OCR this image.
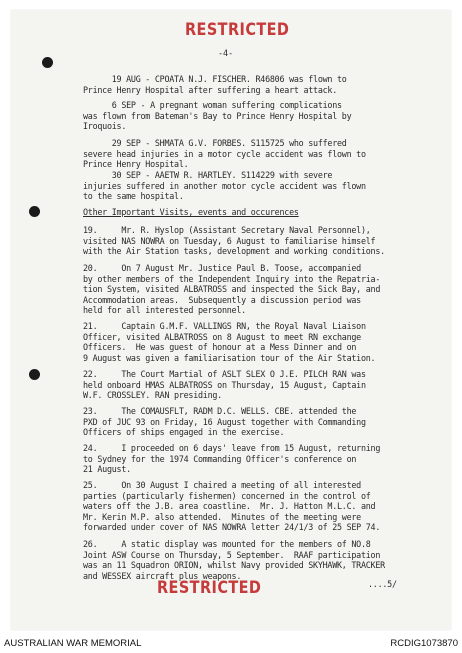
RESTRICTED
-4-
19 AUG - CPOATA N.J. FISCHER. R46806 was flown to
Prince Henry Hospital after suffering a heart attack.
6 SEP - A pregnant woman suffering complications
was flown from Bateman's Bay to Prince Henry Hospital by
Iroquois.
29 SEP - SHMATA G.V. FORBES. S115725 who suffered
severe head injuries in a motor cycle accident was flown to
Prince Henry Hospital.
30 SEP - AAETW R. HARTLEY. S114229 with severe
injuries suffered in another motor cycle accident was flown
to the same hospital.
Other Important Visits, events and occurences
19.     Mr. R. Hyslop (Assistant Secretary Naval Personnel),
visited NAS NOWRA on Tuesday, 6 August to familiarise himself
with the Air Station tasks, development and working conditions.
20.     On 7 August Mr. Justice Paul B. Toose, accompanied
by other members of the Independent Inquiry into the Repatria-
tion System, visited ALBATROSS and inspected the Sick Bay, and
Accommodation areas.  Subsequently a discussion period was
held for all interested personnel.
21.     Captain G.M.F. VALLINGS RN, the Royal Naval Liaison
Officer, visited ALBATROSS on 8 August to meet RN exchange
Officers.  He was guest of honour at a Mess Dinner and on
9 August was given a familiarisation tour of the Air Station.
22.     The Court Martial of ASLT SLEX O J.E. PILCH RAN was
held onboard HMAS ALBATROSS on Thursday, 15 August, Captain
W.F. CROSSLEY. RAN presiding.
23.     The COMAUSFLT, RADM D.C. WELLS. CBE. attended the
PXD of JUC 93 on Friday, 16 August together with Commanding
Officers of ships engaged in the exercise.
24.     I proceeded on 6 days' leave from 15 August, returning
to Sydney for the 1974 Commanding Officer's conference on
21 August.
25.     On 30 August I chaired a meeting of all interested
parties (particularly fishermen) concerned in the control of
waters off the J.B. area coastline.  Mr. J. Hatton M.L.C. and
Mr. Kerin M.P. also attended.  Minutes of the meeting were
forwarded under cover of NAS NOWRA letter 24/1/3 of 25 SEP 74.
26.     A static display was mounted for the members of NO.8
Joint ASW Course on Thursday, 5 September.  RAAF participation
was an 11 Squadron ORION, whilst Navy provided SKYHAWK, TRACKER
and WESSEX aircraft plus weapons.
....5/
RESTRICTED
AUSTRALIAN WAR MEMORIAL	RCDIG1073870
